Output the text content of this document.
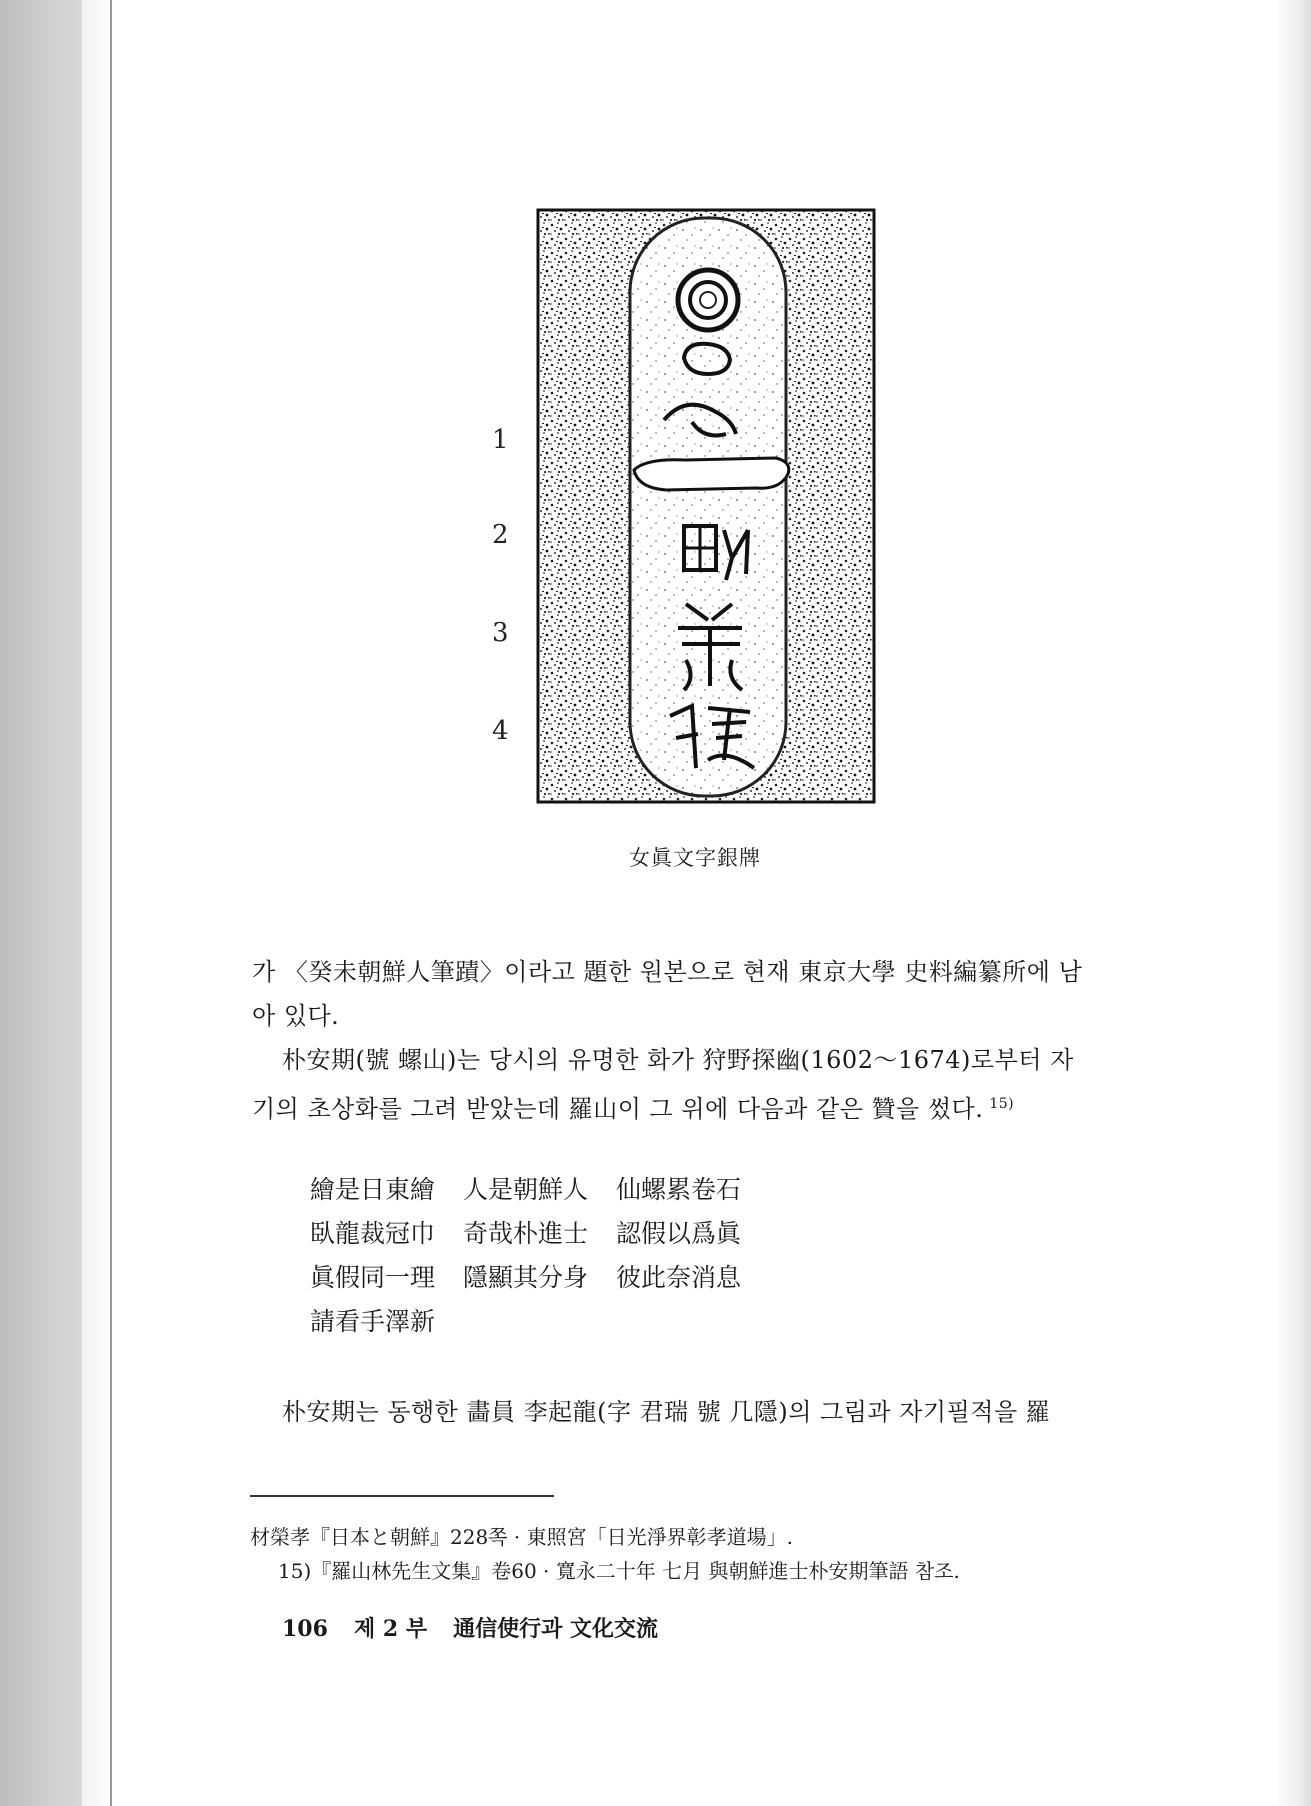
1
2
3
4
女眞文字銀牌
가 〈癸未朝鮮人筆蹟〉이라고 題한 원본으로 현재 東京大學 史料編纂所에 남
아 있다.
朴安期(號 螺山)는 당시의 유명한 화가 狩野探幽(1602～1674)로부터 자
기의 초상화를 그려 받았는데 羅山이 그 위에 다음과 같은 贊을 썼다. $^{15)}$
繪是日東繪 人是朝鮮人 仙螺累卷石
臥龍裁冠巾 奇哉朴進士 認假以爲眞
眞假同一理 隱顯其分身 彼此奈消息
請看手澤新
朴安期는 동행한 畵員 李起龍(字 君瑞 號 几隱)의 그림과 자기필적을 羅
材榮孝『日本と朝鮮』228쪽 · 東照宮「日光淨界彰孝道場」.
15)『羅山林先生文集』卷60 · 寬永二十年 七月 與朝鮮進士朴安期筆語 참조.
106 제 2 부 通信使行과 文化交流
